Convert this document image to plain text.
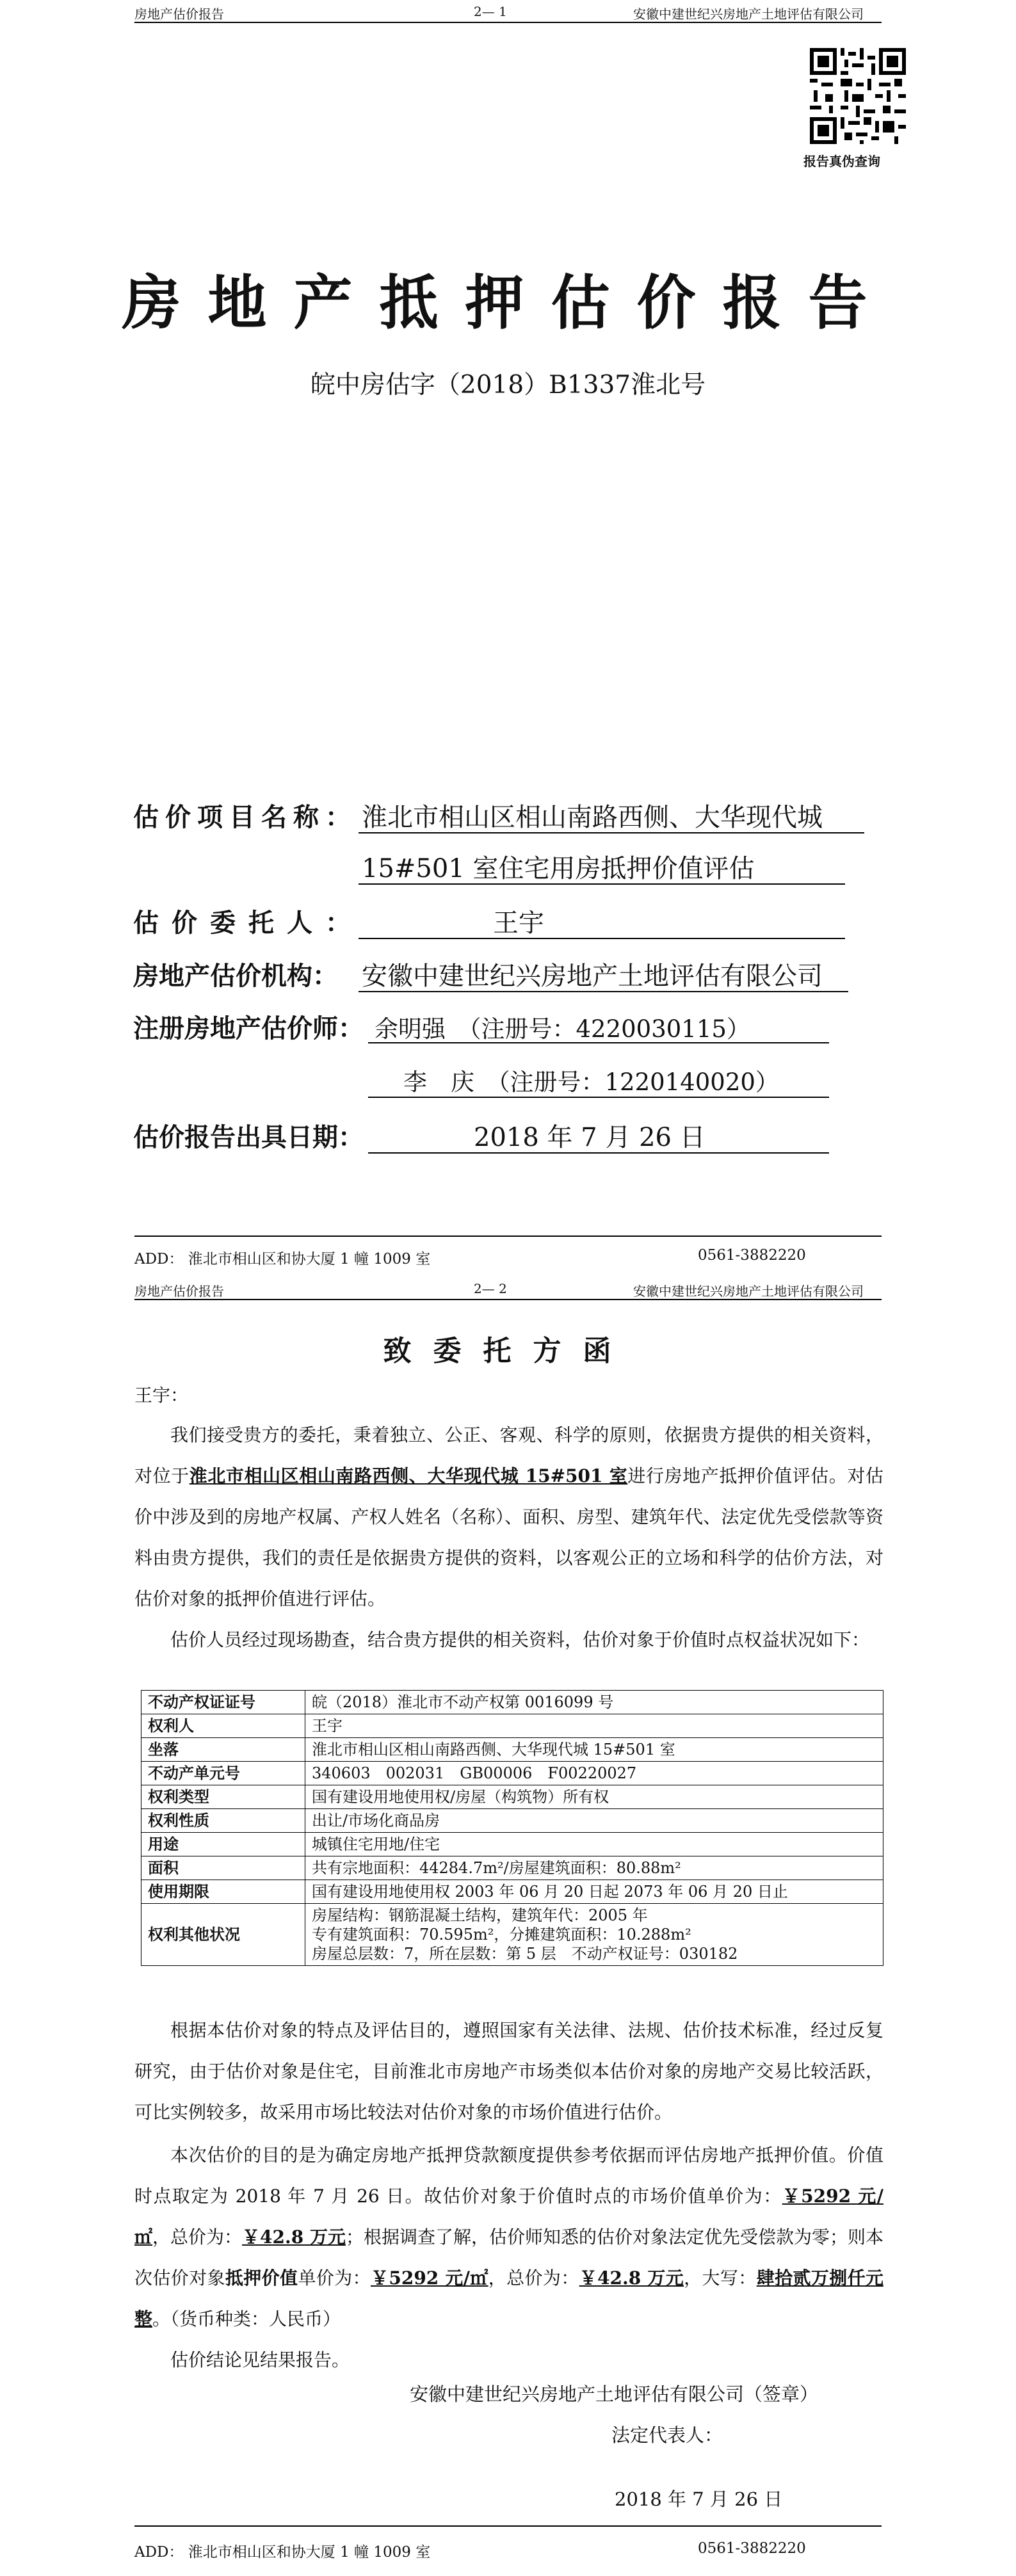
房地产估价报告	2— 1	安徽中建世纪兴房地产土地评估有限公司
报告真伪查询
房地产抵押估价报告
皖中房估字（2018）B1337淮北号
估价项目名称： 淮北市相山区相山南路西侧、大华现代城
15#501 室住宅用房抵押价值评估
估价委托人：	王宇
房地产估价机构： 安徽中建世纪兴房地产土地评估有限公司
注册房地产估价师： 余明强　（注册号：4220030115）
李　庆　（注册号：1220140020）
估价报告出具日期：	2018 年 7 月 26 日
ADD： 淮北市相山区和协大厦 1 幢 1009 室	0561-3882220
房地产估价报告	2— 2	安徽中建世纪兴房地产土地评估有限公司
致委托方函
王宇：

我们接受贵方的委托，秉着独立、公正、客观、科学的原则，依据贵方提供的相关资料，对位于淮北市相山区相山南路西侧、大华现代城 15#501 室进行房地产抵押价值评估。对估价中涉及到的房地产权属、产权人姓名（名称）、面积、房型、建筑年代、法定优先受偿款等资料由贵方提供，我们的责任是依据贵方提供的资料，以客观公正的立场和科学的估价方法，对估价对象的抵押价值进行评估。

估价人员经过现场勘查，结合贵方提供的相关资料，估价对象于价值时点权益状况如下：

不动产权证证号	皖（2018）淮北市不动产权第 0016099 号

权利人	王宇

坐落	淮北市相山区相山南路西侧、大华现代城 15#501 室

不动产单元号	340603　002031　GB00006　F00220027

权利类型	国有建设用地使用权/房屋（构筑物）所有权

权利性质	出让/市场化商品房

用途	城镇住宅用地/住宅

面积	共有宗地面积：44284.7m²/房屋建筑面积：80.88m²

使用期限	国有建设用地使用权 2003 年 06 月 20 日起 2073 年 06 月 20 日止

权利其他状况	房屋结构：钢筋混凝土结构，建筑年代：2005 年
专有建筑面积：70.595m²，分摊建筑面积：10.288m²
房屋总层数：7，所在层数：第 5 层　不动产权证号：030182

根据本估价对象的特点及评估目的，遵照国家有关法律、法规、估价技术标准，经过反复研究，由于估价对象是住宅，目前淮北市房地产市场类似本估价对象的房地产交易比较活跃，可比实例较多，故采用市场比较法对估价对象的市场价值进行估价。

本次估价的目的是为确定房地产抵押贷款额度提供参考依据而评估房地产抵押价值。价值时点取定为 2018 年 7 月 26 日。故估价对象于价值时点的市场价值单价为：￥5292 元/㎡，总价为：￥42.8 万元；根据调查了解，估价师知悉的估价对象法定优先受偿款为零；则本次估价对象抵押价值单价为：￥5292 元/㎡，总价为：￥42.8 万元，大写：肆拾贰万捌仟元整。（货币种类：人民币）

估价结论见结果报告。

安徽中建世纪兴房地产土地评估有限公司（签章）
法定代表人：
2018 年 7 月 26 日
ADD： 淮北市相山区和协大厦 1 幢 1009 室	0561-3882220
